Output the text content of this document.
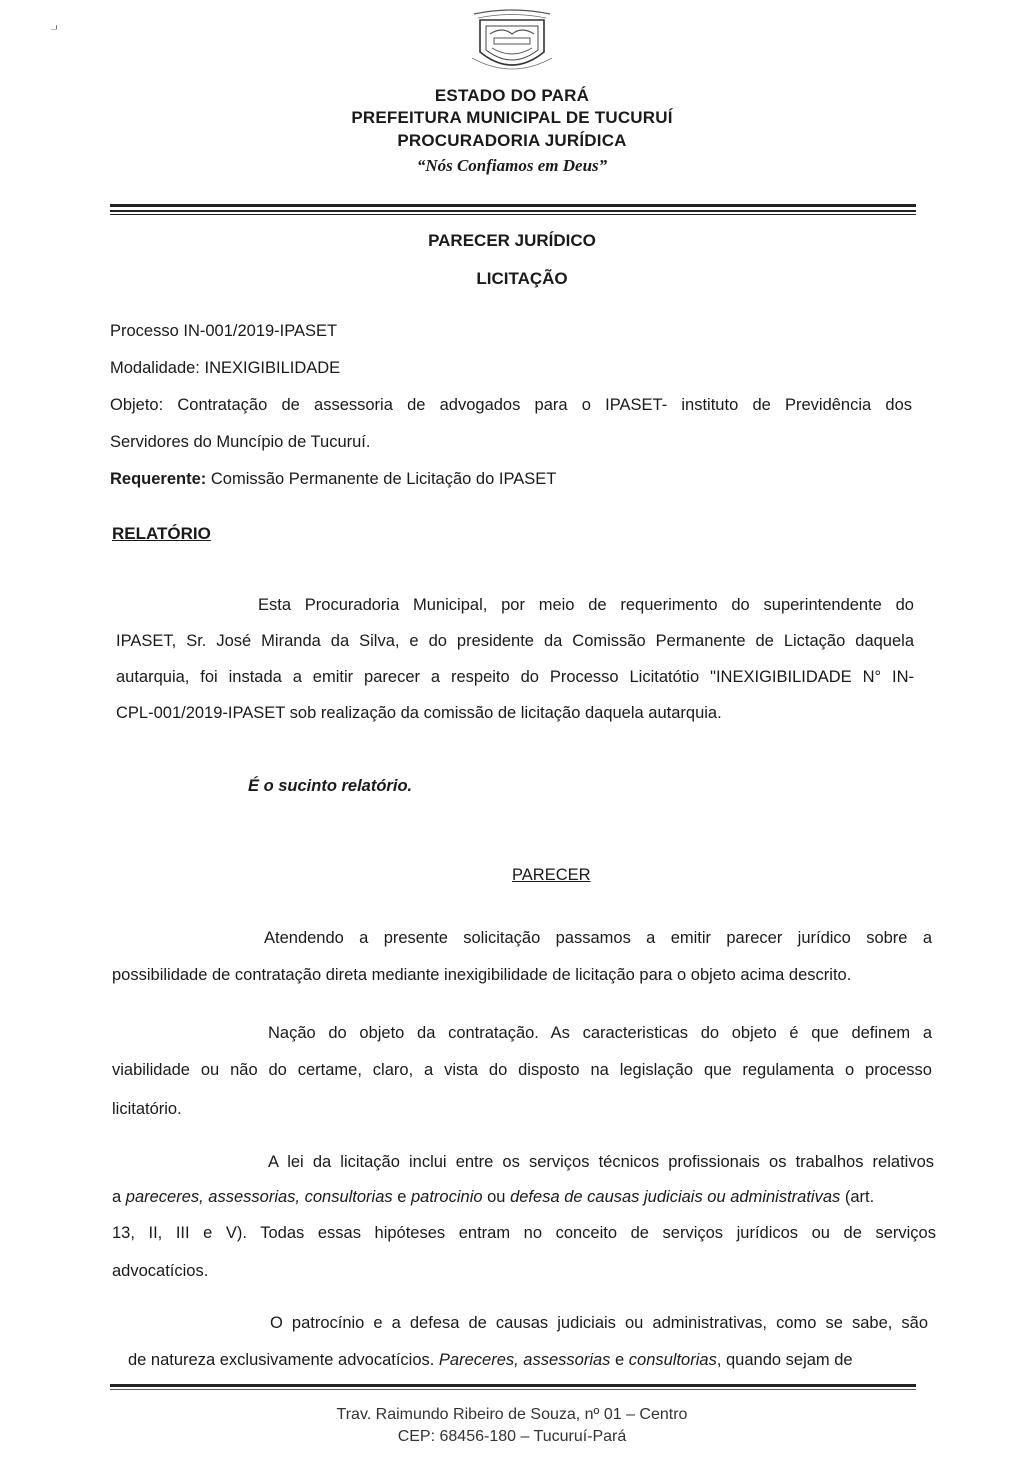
ר
ESTADO DO PARÁ
PREFEITURA MUNICIPAL DE TUCURUÍ
PROCURADORIA JURÍDICA
“Nós Confiamos em Deus”
PARECER JURÍDICO
LICITAÇÃO
Processo IN-001/2019-IPASET
Modalidade: INEXIGIBILIDADE
Objeto: Contratação de assessoria de advogados para o IPASET- instituto de Previdência dos
Servidores do Muncípio de Tucuruí.
Requerente: Comissão Permanente de Licitação do IPASET
RELATÓRIO
Esta Procuradoria Municipal, por meio de requerimento do superintendente do
IPASET, Sr. José Miranda da Silva, e do presidente da Comissão Permanente de Lictação daquela
autarquia, foi instada a emitir parecer a respeito do Processo Licitatótio "INEXIGIBILIDADE N° IN-
CPL-001/2019-IPASET sob realização da comissão de licitação daquela autarquia.
É o sucinto relatório.
PARECER
Atendendo a presente solicitação passamos a emitir parecer jurídico sobre a
possibilidade de contratação direta mediante inexigibilidade de licitação para o objeto acima descrito.
Nação do objeto da contratação. As caracteristicas do objeto é que definem a
viabilidade ou não do certame, claro, a vista do disposto na legislação que regulamenta o processo
licitatório.
A lei da licitação inclui entre os serviços técnicos profissionais os trabalhos relativos
a pareceres, assessorias, consultorias e patrocinio ou defesa de causas judiciais ou administrativas (art.
13, II, III e V). Todas essas hipóteses entram no conceito de serviços jurídicos ou de serviços
advocatícios.
O patrocínio e a defesa de causas judiciais ou administrativas, como se sabe, são
de natureza exclusivamente advocatícios. Pareceres, assessorias e consultorias, quando sejam de
Trav. Raimundo Ribeiro de Souza, nº 01 – Centro
CEP: 68456-180 – Tucuruí-Pará
